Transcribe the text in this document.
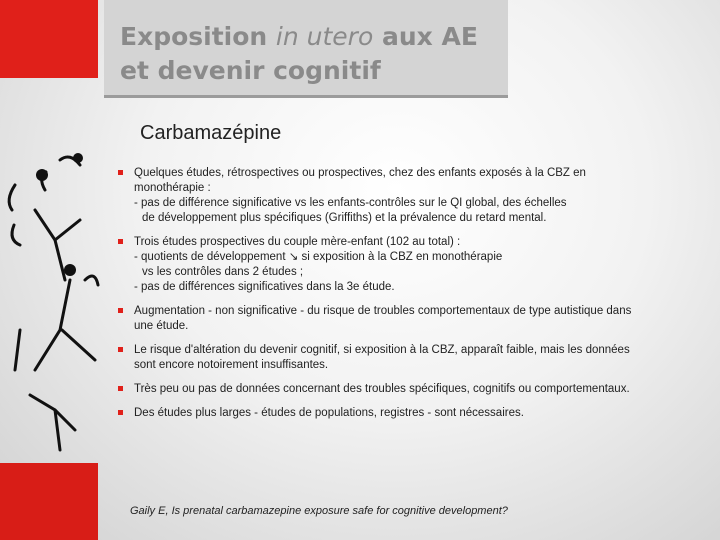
Exposition in utero aux AE
et devenir cognitif
Carbamazépine
Quelques études, rétrospectives ou prospectives, chez des enfants exposés à la CBZ en monothérapie :
- pas de différence significative vs les enfants-contrôles sur le QI global, des échelles
de développement plus spécifiques (Griffiths) et la prévalence du retard mental.
Trois études prospectives du couple mère-enfant (102 au total) :
- quotients de développement ↘ si exposition à la CBZ en monothérapie
vs les contrôles dans 2 études ;
- pas de différences significatives dans la 3e étude.
Augmentation - non significative - du risque de troubles comportementaux de type autistique dans une étude.
Le risque d'altération du devenir cognitif, si exposition à la CBZ, apparaît faible, mais les données sont encore notoirement insuffisantes.
Très peu ou pas de données concernant des troubles spécifiques, cognitifs ou comportementaux.
Des études plus larges - études de populations, registres - sont nécessaires.
Gaily E, Is prenatal carbamazepine exposure safe for cognitive development?
